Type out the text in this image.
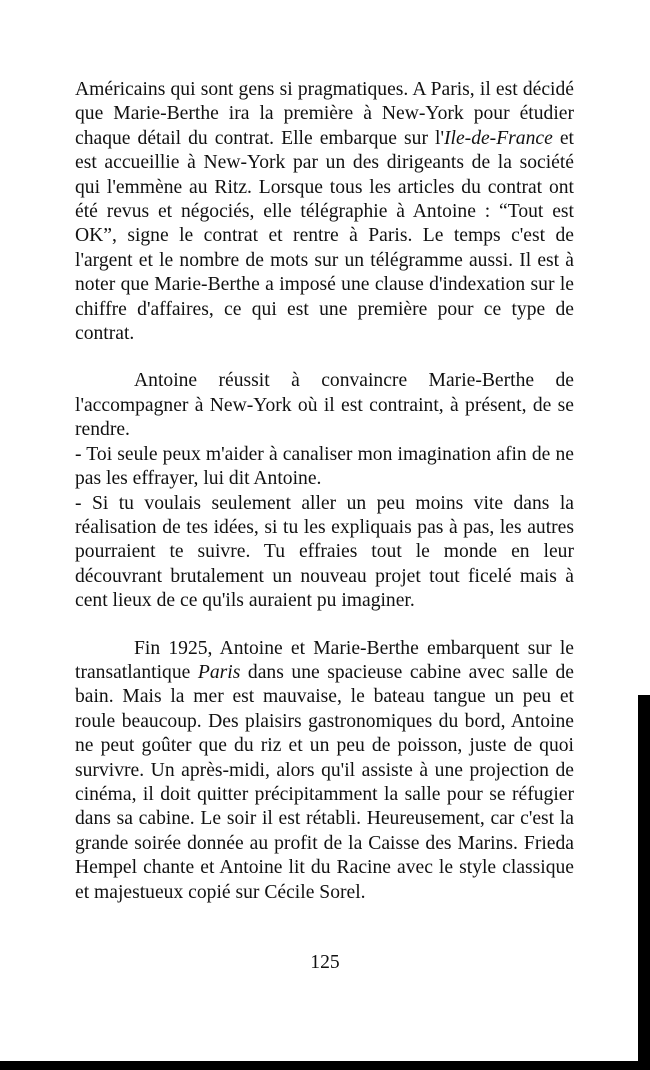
Américains qui sont gens si pragmatiques. A Paris, il est décidé que Marie-Berthe ira la première à New-York pour étudier chaque détail du contrat. Elle embarque sur l'Ile-de-France et est accueillie à New-York par un des dirigeants de la société qui l'emmène au Ritz. Lorsque tous les articles du contrat ont été revus et négociés, elle télégraphie à Antoine : “Tout est OK”, signe le contrat et rentre à Paris. Le temps c'est de l'argent et le nombre de mots sur un télégramme aussi. Il est à noter que Marie-Berthe a imposé une clause d'indexation sur le chiffre d'affaires, ce qui est une première pour ce type de contrat.

Antoine réussit à convaincre Marie-Berthe de l'accompagner à New-York où il est contraint, à présent, de se rendre.

- Toi seule peux m'aider à canaliser mon imagination afin de ne pas les effrayer, lui dit Antoine.

- Si tu voulais seulement aller un peu moins vite dans la réalisation de tes idées, si tu les expliquais pas à pas, les autres pourraient te suivre. Tu effraies tout le monde en leur découvrant brutalement un nouveau projet tout ficelé mais à cent lieux de ce qu'ils auraient pu imaginer.

Fin 1925, Antoine et Marie-Berthe embarquent sur le transatlantique Paris dans une spacieuse cabine avec salle de bain. Mais la mer est mauvaise, le bateau tangue un peu et roule beaucoup. Des plaisirs gastronomiques du bord, Antoine ne peut goûter que du riz et un peu de poisson, juste de quoi survivre. Un après-midi, alors qu'il assiste à une projection de cinéma, il doit quitter précipitamment la salle pour se réfugier dans sa cabine. Le soir il est rétabli. Heureusement, car c'est la grande soirée donnée au profit de la Caisse des Marins. Frieda Hempel chante et Antoine lit du Racine avec le style classique et majestueux copié sur Cécile Sorel.

125
